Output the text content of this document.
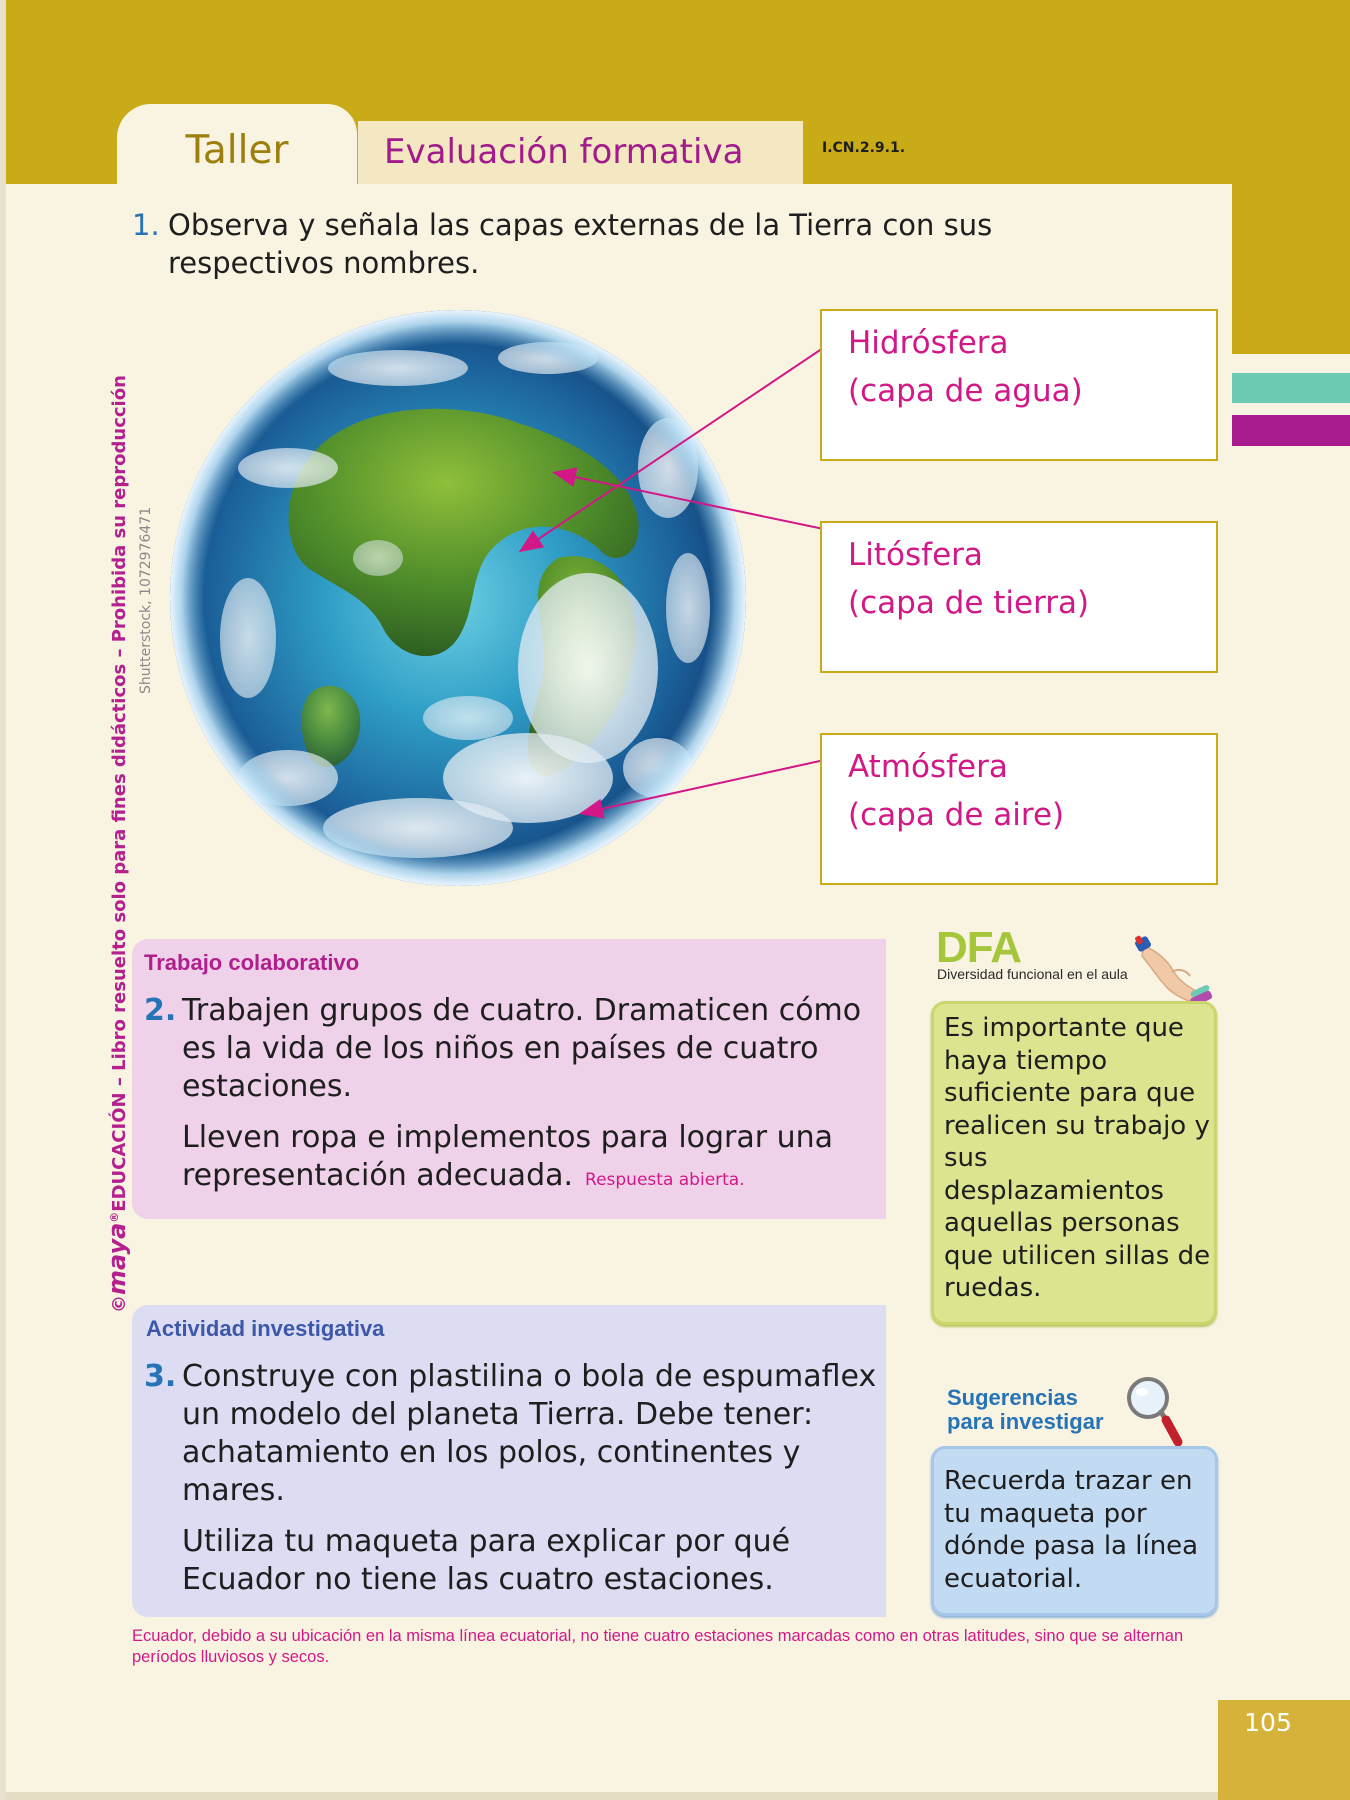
105
Taller	Evaluación formativa	I.CN.2.9.1.
©maya®EDUCACIÓN – Libro resuelto solo para fines didácticos – Prohibida su reproducción Shutterstock, 1072976471
1. Observa y señala las capas externas de la Tierra con sus respectivos nombres.
Hidrósfera
(capa de agua)
Litósfera
(capa de tierra)
Atmósfera
(capa de aire)
Trabajo colaborativo
2. Trabajen grupos de cuatro. Dramaticen cómo es la vida de los niños en países de cuatro estaciones.

Lleven ropa e implementos para lograr una representación adecuada. Respuesta abierta.

Actividad investigativa
3. Construye con plastilina o bola de espumaflex un modelo del planeta Tierra. Debe tener: achatamiento en los polos, continentes y mares.

Utiliza tu maqueta para explicar por qué Ecuador no tiene las cuatro estaciones.

Ecuador, debido a su ubicación en la misma línea ecuatorial, no tiene cuatro estaciones marcadas como en otras latitudes, sino que se alternan períodos lluviosos y secos.
DFA
Diversidad funcional en el aula
Es importante que haya tiempo suficiente para que realicen su trabajo y sus desplazamientos aquellas personas que utilicen sillas de ruedas.
Sugerencias
para investigar
Recuerda trazar en tu maqueta por dónde pasa la línea ecuatorial.
